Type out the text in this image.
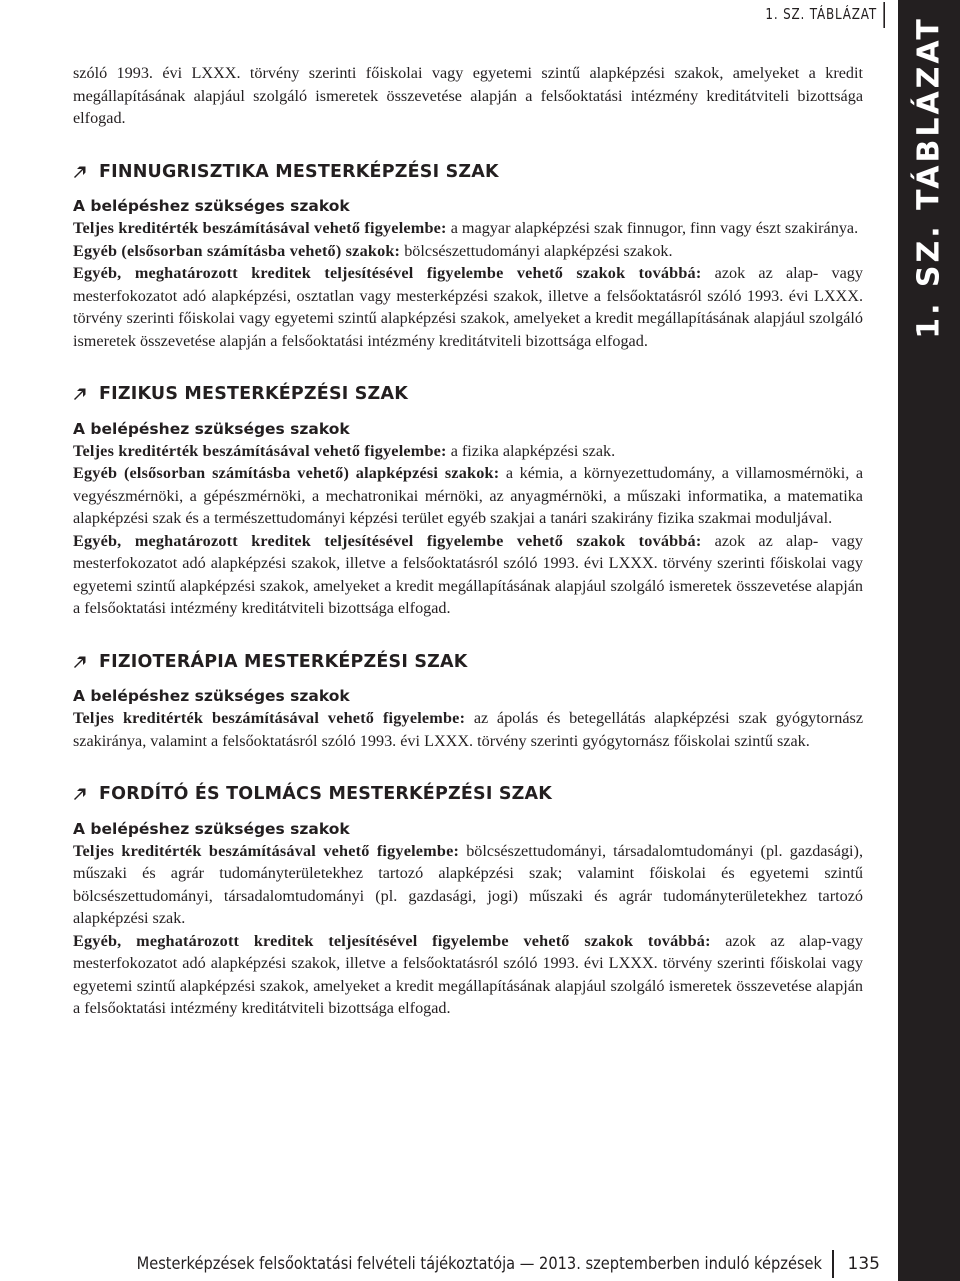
1. SZ. TÁBLÁZAT
1. SZ. TÁBLÁZAT

szóló 1993. évi LXXX. törvény szerinti főiskolai vagy egyetemi szintű alapképzési szakok, amelyeket a kredit megállapításának alapjául szolgáló ismeretek összevetése alapján a felsőoktatási intézmény kreditátviteli bizottsága elfogad.

FINNUGRISZTIKA MESTERKÉPZÉSI SZAK

A belépéshez szükséges szakok

Teljes kreditérték beszámításával vehető figyelembe: a magyar alapképzési szak finnugor, finn vagy észt szakiránya.

Egyéb (elsősorban számításba vehető) szakok: bölcsészettudományi alapképzési szakok.

Egyéb, meghatározott kreditek teljesítésével figyelembe vehető szakok továbbá: azok az alap- vagy mesterfokozatot adó alapképzési, osztatlan vagy mesterképzési szakok, illetve a felsőoktatásról szóló 1993. évi LXXX. törvény szerinti főiskolai vagy egyetemi szintű alapképzési szakok, amelyeket a kredit megállapításának alapjául szolgáló ismeretek összevetése alapján a felsőoktatási intézmény kreditátviteli bizottsága elfogad.

FIZIKUS MESTERKÉPZÉSI SZAK

A belépéshez szükséges szakok

Teljes kreditérték beszámításával vehető figyelembe: a fizika alapképzési szak.

Egyéb (elsősorban számításba vehető) alapképzési szakok: a kémia, a környezettudomány, a villamosmérnöki, a vegyészmérnöki, a gépészmérnöki, a mechatronikai mérnöki, az anyagmérnöki, a műszaki informatika, a matematika alapképzési szak és a természettudományi képzési terület egyéb szakjai a tanári szakirány fizika szakmai moduljával.

Egyéb, meghatározott kreditek teljesítésével figyelembe vehető szakok továbbá: azok az alap- vagy mesterfokozatot adó alapképzési szakok, illetve a felsőoktatásról szóló 1993. évi LXXX. törvény szerinti főiskolai vagy egyetemi szintű alapképzési szakok, amelyeket a kredit megállapításának alapjául szolgáló ismeretek összevetése alapján a felsőoktatási intézmény kreditátviteli bizottsága elfogad.

FIZIOTERÁPIA MESTERKÉPZÉSI SZAK

A belépéshez szükséges szakok

Teljes kreditérték beszámításával vehető figyelembe: az ápolás és betegellátás alapképzési szak gyógytornász szakiránya, valamint a felsőoktatásról szóló 1993. évi LXXX. törvény szerinti gyógytornász főiskolai szintű szak.

FORDÍTÓ ÉS TOLMÁCS MESTERKÉPZÉSI SZAK

A belépéshez szükséges szakok

Teljes kreditérték beszámításával vehető figyelembe: bölcsészettudományi, társadalomtudományi (pl. gazdasági), műszaki és agrár tudományterületekhez tartozó alapképzési szak; valamint főiskolai és egyetemi szintű bölcsészettudományi, társadalomtudományi (pl. gazdasági, jogi) műszaki és agrár tudományterületekhez tartozó alapképzési szak.

Egyéb, meghatározott kreditek teljesítésével figyelembe vehető szakok továbbá: azok az alap-vagy mesterfokozatot adó alapképzési szakok, illetve a felsőoktatásról szóló 1993. évi LXXX. törvény szerinti főiskolai vagy egyetemi szintű alapképzési szakok, amelyeket a kredit megállapításának alapjául szolgáló ismeretek összevetése alapján a felsőoktatási intézmény kreditátviteli bizottsága elfogad.

Mesterképzések felsőoktatási felvételi tájékoztatója — 2013. szeptemberben induló képzések 135
